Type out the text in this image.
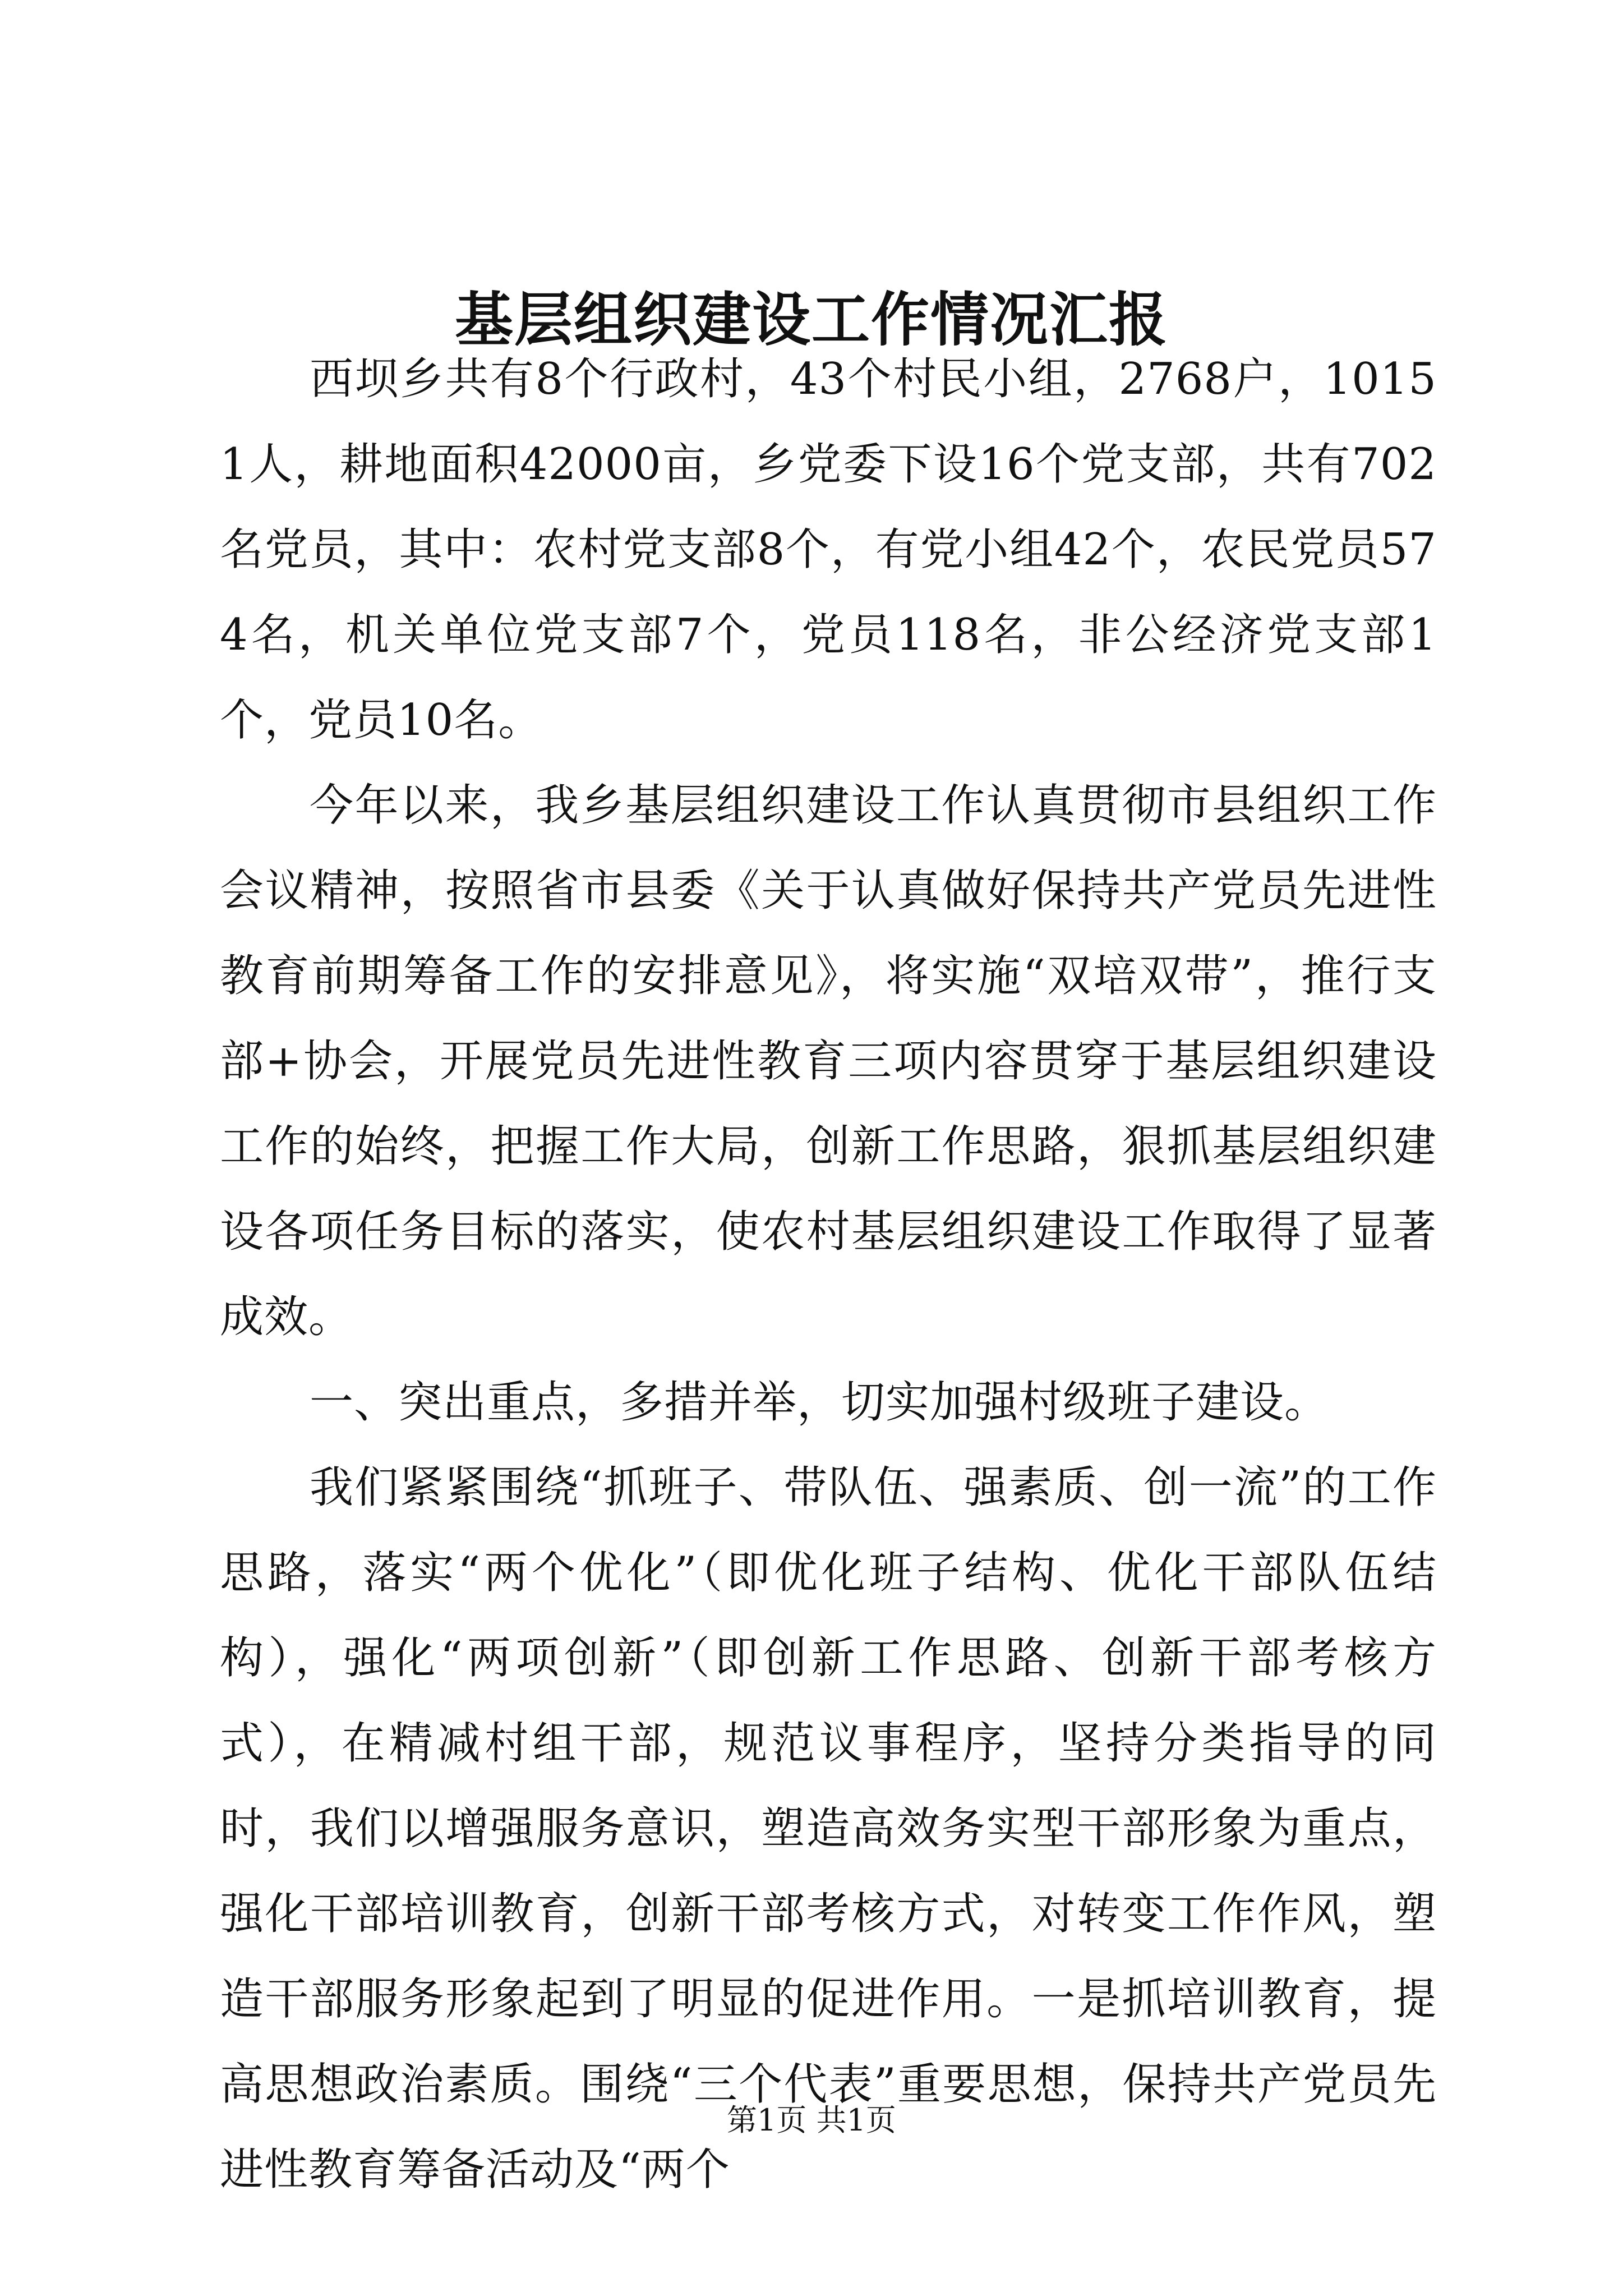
基层组织建设工作情况汇报

西坝乡共有8个行政村，43个村民小组，2768户，10151人，耕地面积42000亩，乡党委下设16个党支部，共有702名党员，其中：农村党支部8个，有党小组42个，农民党员574名，机关单位党支部7个，党员118名，非公经济党支部1个，党员10名。

今年以来，我乡基层组织建设工作认真贯彻市县组织工作会议精神，按照省市县委《关于认真做好保持共产党员先进性教育前期筹备工作的安排意见》，将实施“双培双带”，推行支部+协会，开展党员先进性教育三项内容贯穿于基层组织建设工作的始终，把握工作大局，创新工作思路，狠抓基层组织建设各项任务目标的落实，使农村基层组织建设工作取得了显著成效。

一、突出重点，多措并举，切实加强村级班子建设。

我们紧紧围绕“抓班子、带队伍、强素质、创一流”的工作思路，落实“两个优化”（即优化班子结构、优化干部队伍结构），强化“两项创新”（即创新工作思路、创新干部考核方式），在精减村组干部，规范议事程序，坚持分类指导的同时，我们以增强服务意识，塑造高效务实型干部形象为重点，强化干部培训教育，创新干部考核方式，对转变工作作风，塑造干部服务形象起到了明显的促进作用。一是抓培训教育，提高思想政治素质。围绕“三个代表”重要思想，保持共产党员先进性教育筹备活动及“两个

第1页 共1页
